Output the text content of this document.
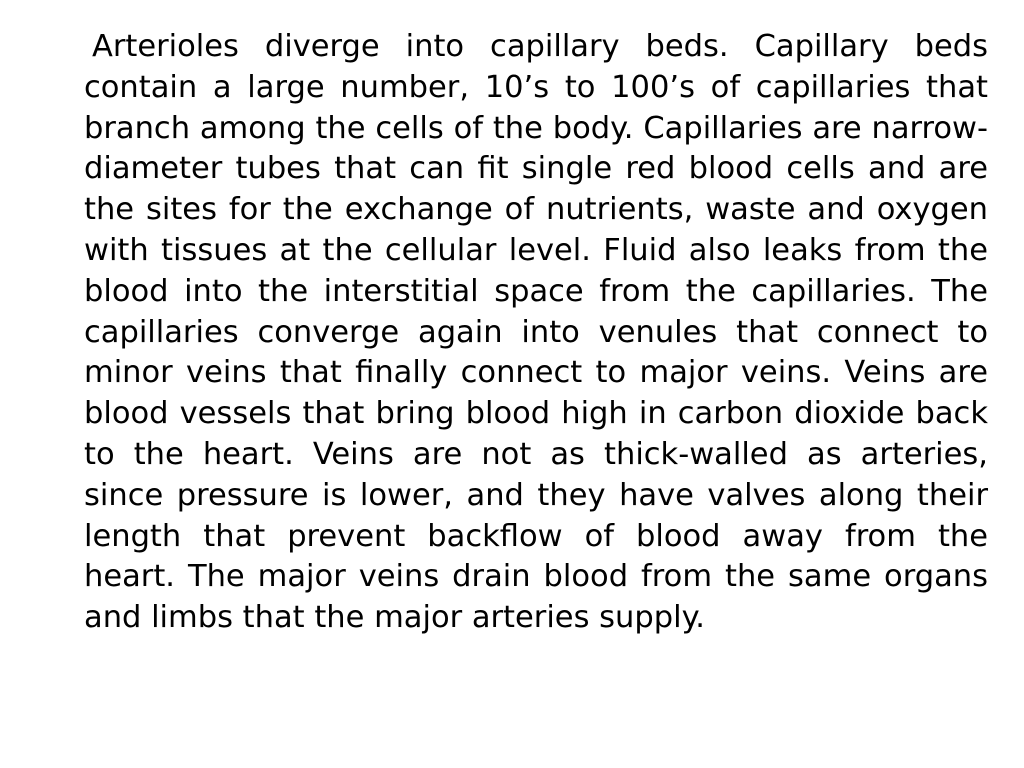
Arterioles diverge into capillary beds. Capillary beds contain a large number, 10’s to 100’s of capillaries that branch among the cells of the body. Capillaries are narrow-diameter tubes that can fit single red blood cells and are the sites for the exchange of nutrients, waste and oxygen with tissues at the cellular level. Fluid also leaks from the blood into the interstitial space from the capillaries. The capillaries converge again into venules that connect to minor veins that finally connect to major veins. Veins are blood vessels that bring blood high in carbon dioxide back to the heart. Veins are not as thick-walled as arteries, since pressure is lower, and they have valves along their length that prevent backflow of blood away from the heart. The major veins drain blood from the same organs and limbs that the major arteries supply.
